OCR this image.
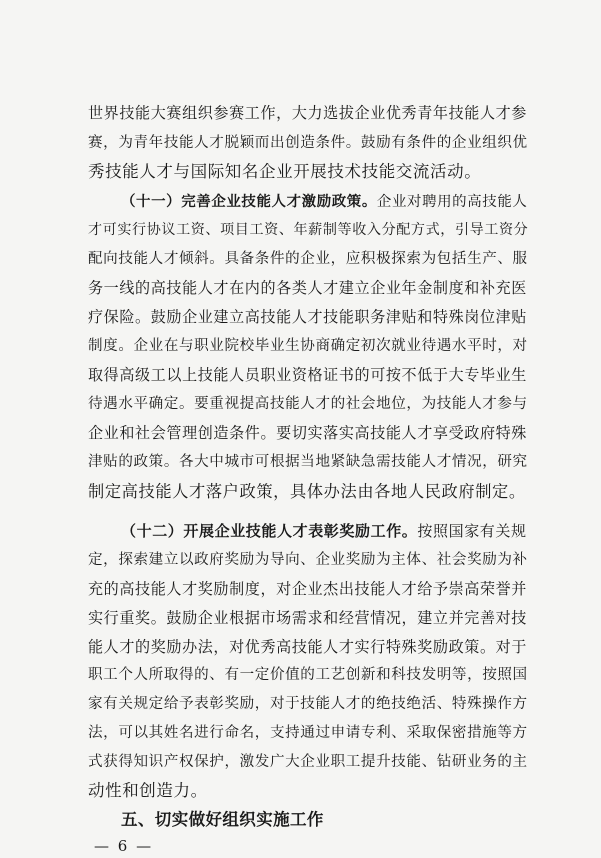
世界技能大赛组织参赛工作，大力选拔企业优秀青年技能人才参
赛，为青年技能人才脱颖而出创造条件。鼓励有条件的企业组织优
秀技能人才与国际知名企业开展技术技能交流活动。
（十一）完善企业技能人才激励政策。企业对聘用的高技能人
才可实行协议工资、项目工资、年薪制等收入分配方式，引导工资分
配向技能人才倾斜。具备条件的企业，应积极探索为包括生产、服
务一线的高技能人才在内的各类人才建立企业年金制度和补充医
疗保险。鼓励企业建立高技能人才技能职务津贴和特殊岗位津贴
制度。企业在与职业院校毕业生协商确定初次就业待遇水平时，对
取得高级工以上技能人员职业资格证书的可按不低于大专毕业生
待遇水平确定。要重视提高技能人才的社会地位，为技能人才参与
企业和社会管理创造条件。要切实落实高技能人才享受政府特殊
津贴的政策。各大中城市可根据当地紧缺急需技能人才情况，研究
制定高技能人才落户政策，具体办法由各地人民政府制定。
（十二）开展企业技能人才表彰奖励工作。按照国家有关规
定，探索建立以政府奖励为导向、企业奖励为主体、社会奖励为补
充的高技能人才奖励制度，对企业杰出技能人才给予崇高荣誉并
实行重奖。鼓励企业根据市场需求和经营情况，建立并完善对技
能人才的奖励办法，对优秀高技能人才实行特殊奖励政策。对于
职工个人所取得的、有一定价值的工艺创新和科技发明等，按照国
家有关规定给予表彰奖励，对于技能人才的绝技绝活、特殊操作方
法，可以其姓名进行命名，支持通过申请专利、采取保密措施等方
式获得知识产权保护，激发广大企业职工提升技能、钻研业务的主
动性和创造力。
五、切实做好组织实施工作
— 6 —
